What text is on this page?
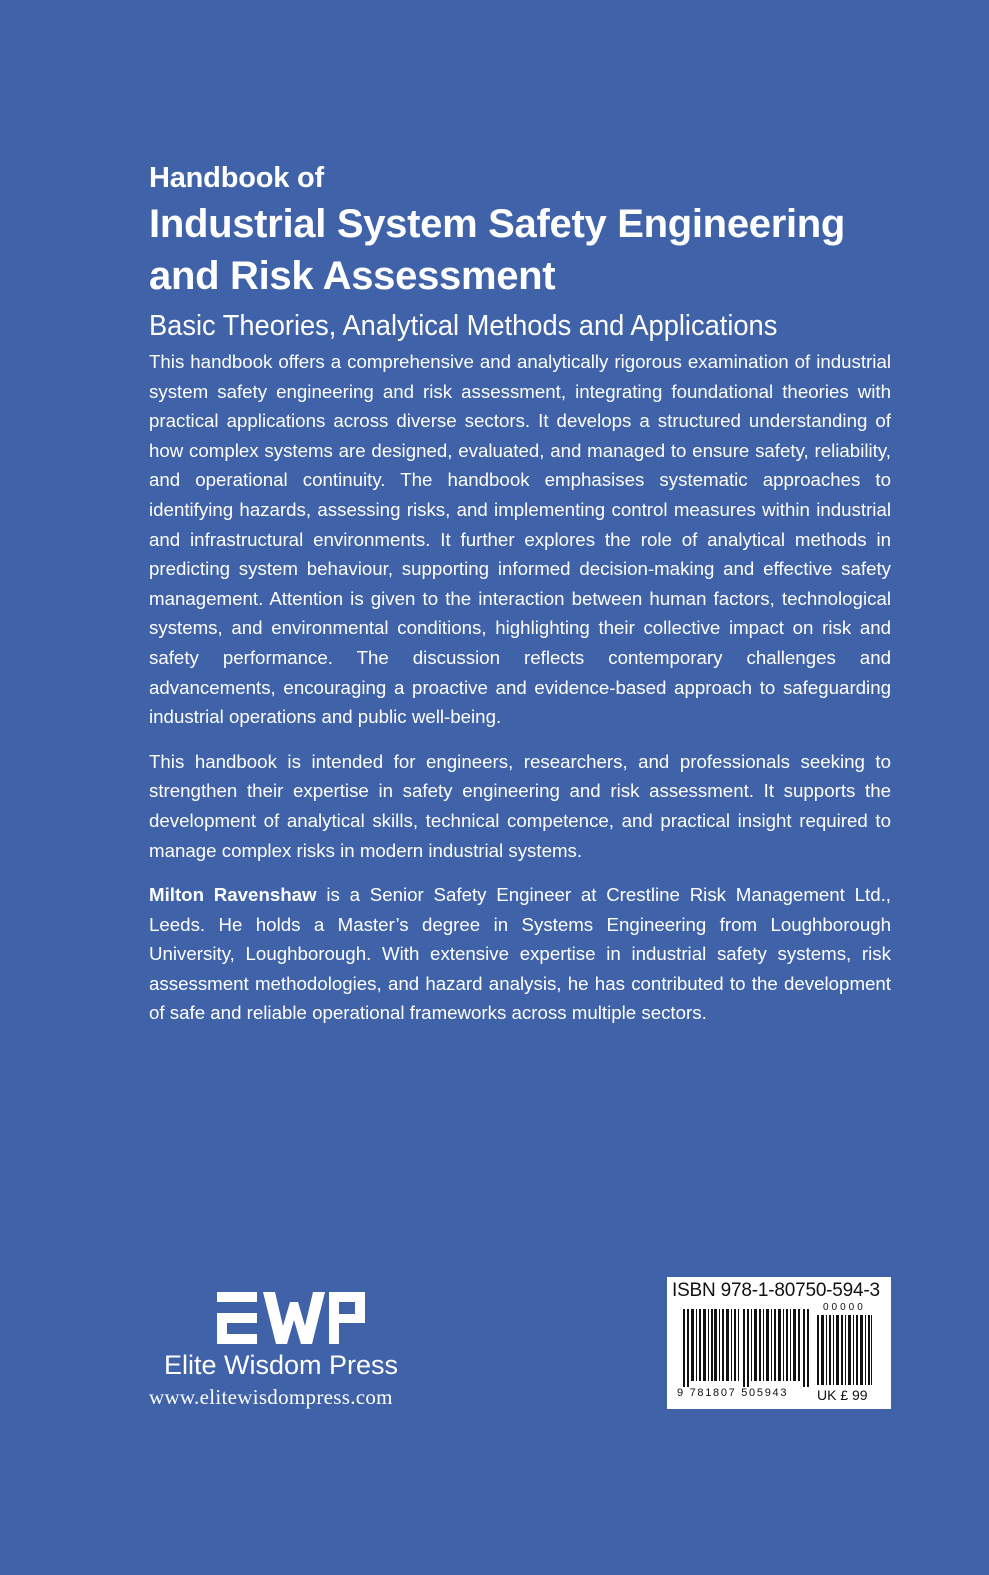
Handbook of
Industrial System Safety Engineering
and Risk Assessment
Basic Theories, Analytical Methods and Applications

This handbook offers a comprehensive and analytically rigorous examination of industrial system safety engineering and risk assessment, integrating foundational theories with practical applications across diverse sectors. It develops a structured understanding of how complex systems are designed, evaluated, and managed to ensure safety, reliability, and operational continuity. The handbook emphasises systematic approaches to identifying hazards, assessing risks, and implementing control measures within industrial and infrastructural environments. It further explores the role of analytical methods in predicting system behaviour, supporting informed decision-making and effective safety management. Attention is given to the interaction between human factors, technological systems, and environmental conditions, highlighting their collective impact on risk and safety performance. The discussion reflects contemporary challenges and advancements, encouraging a proactive and evidence-based approach to safeguarding industrial operations and public well-being.

This handbook is intended for engineers, researchers, and professionals seeking to strengthen their expertise in safety engineering and risk assessment. It supports the development of analytical skills, technical competence, and practical insight required to manage complex risks in modern industrial systems.

Milton Ravenshaw is a Senior Safety Engineer at Crestline Risk Management Ltd., Leeds. He holds a Master’s degree in Systems Engineering from Loughborough University, Loughborough. With extensive expertise in industrial safety systems, risk assessment methodologies, and hazard analysis, he has contributed to the development of safe and reliable operational frameworks across multiple sectors.

Elite Wisdom Press
www.elitewisdompress.com
ISBN 978-1-80750-594-3
00000
9 781807 505943 UK £ 99
